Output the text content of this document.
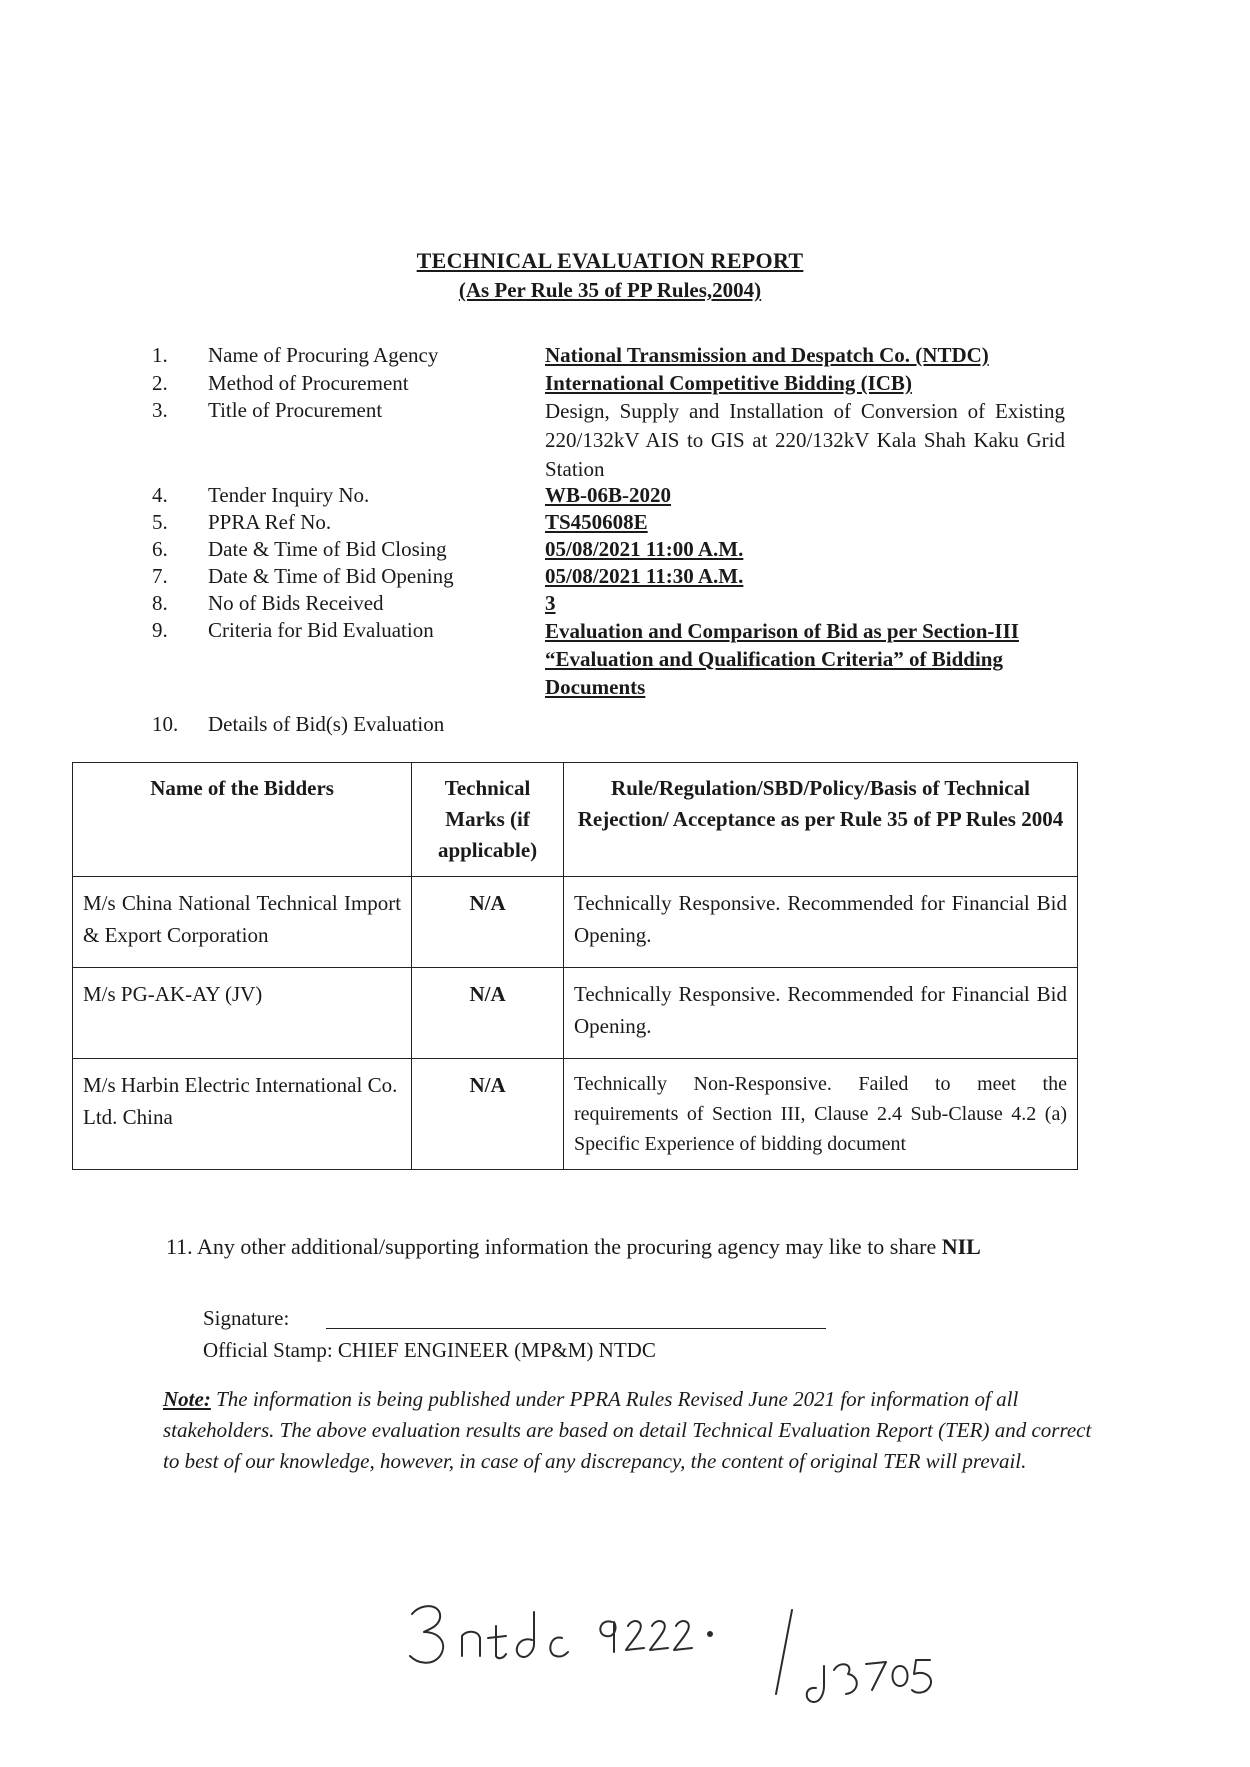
TECHNICAL EVALUATION REPORT
(As Per Rule 35 of PP Rules,2004)
1.	Name of Procuring Agency	National Transmission and Despatch Co. (NTDC)
2.	Method of Procurement	International Competitive Bidding (ICB)
3.	Title of Procurement	Design, Supply and Installation of Conversion of Existing 220/132kV AIS to GIS at 220/132kV Kala Shah Kaku Grid Station
4.	Tender Inquiry No.	WB-06B-2020
5.	PPRA Ref No.	TS450608E
6.	Date & Time of Bid Closing	05/08/2021 11:00 A.M.
7.	Date & Time of Bid Opening	05/08/2021 11:30 A.M.
8.	No of Bids Received	3
9.	Criteria for Bid Evaluation	Evaluation and Comparison of Bid as per Section-III “Evaluation and Qualification Criteria” of Bidding Documents
10.	Details of Bid(s) Evaluation
Name of the Bidders	Technical Marks (if applicable)	Rule/Regulation/SBD/Policy/Basis of Technical Rejection/ Acceptance as per Rule 35 of PP Rules 2004
M/s China National Technical Import & Export Corporation	N/A	Technically Responsive. Recommended for Financial Bid Opening.
M/s PG-AK-AY (JV)	N/A	Technically Responsive. Recommended for Financial Bid Opening.
M/s Harbin Electric International Co. Ltd. China	N/A	Technically Non-Responsive. Failed to meet the requirements of Section III, Clause 2.4 Sub-Clause 4.2 (a) Specific Experience of bidding document
11. Any other additional/supporting information the procuring agency may like to share NIL
Signature:
Official Stamp: CHIEF ENGINEER (MP&M) NTDC
Note: The information is being published under PPRA Rules Revised June 2021 for information of all stakeholders. The above evaluation results are based on detail Technical Evaluation Report (TER) and correct to best of our knowledge, however, in case of any discrepancy, the content of original TER will prevail.
